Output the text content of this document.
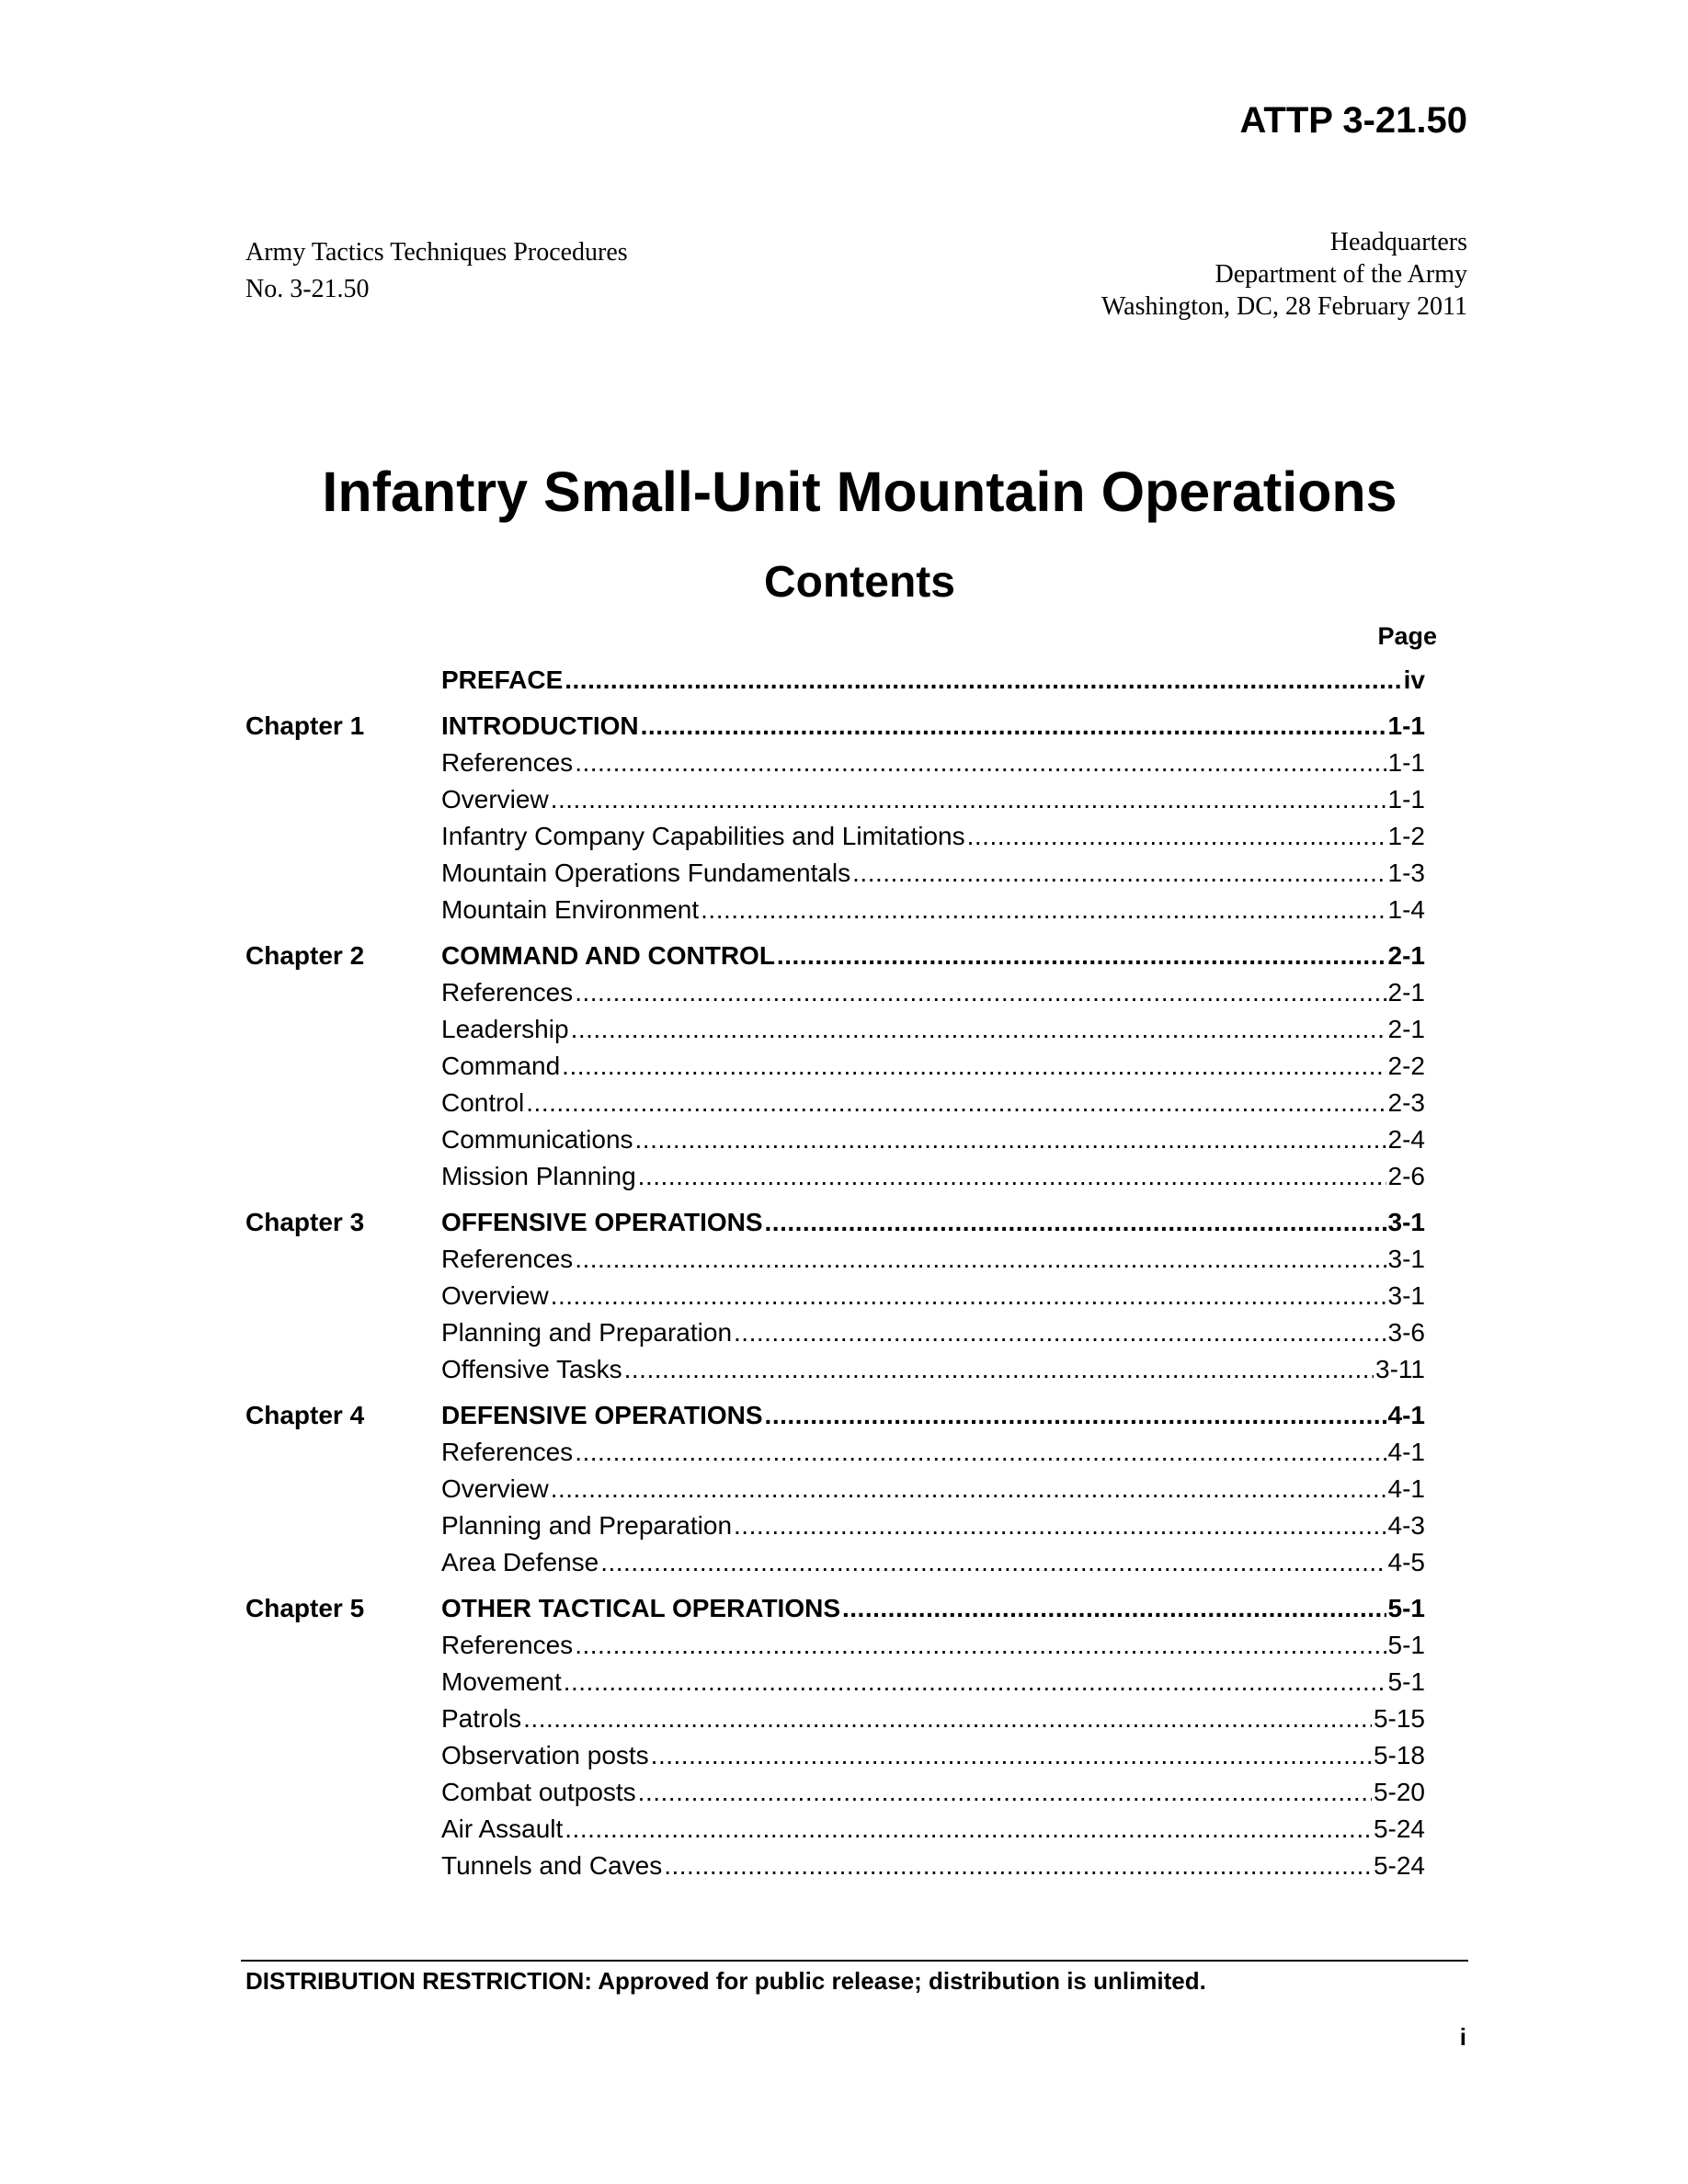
ATTP 3-21.50
Army Tactics Techniques Procedures
No. 3-21.50
Headquarters
Department of the Army
Washington, DC, 28 February 2011
Infantry Small-Unit Mountain Operations
Contents
Page
PREFACE .....	iv
Chapter 1	INTRODUCTION .....	1-1
References .....	1-1
Overview .....	1-1
Infantry Company Capabilities and Limitations .....	1-2
Mountain Operations Fundamentals .....	1-3
Mountain Environment .....	1-4
Chapter 2	COMMAND AND CONTROL .....	2-1
References .....	2-1
Leadership .....	2-1
Command .....	2-2
Control .....	2-3
Communications .....	2-4
Mission Planning .....	2-6
Chapter 3	OFFENSIVE OPERATIONS .....	3-1
References .....	3-1
Overview .....	3-1
Planning and Preparation .....	3-6
Offensive Tasks .....	3-11
Chapter 4	DEFENSIVE OPERATIONS .....	4-1
References .....	4-1
Overview .....	4-1
Planning and Preparation .....	4-3
Area Defense .....	4-5
Chapter 5	OTHER TACTICAL OPERATIONS .....	5-1
References .....	5-1
Movement .....	5-1
Patrols .....	5-15
Observation posts .....	5-18
Combat outposts .....	5-20
Air Assault .....	5-24
Tunnels and Caves .....	5-24
DISTRIBUTION RESTRICTION: Approved for public release; distribution is unlimited.
i
